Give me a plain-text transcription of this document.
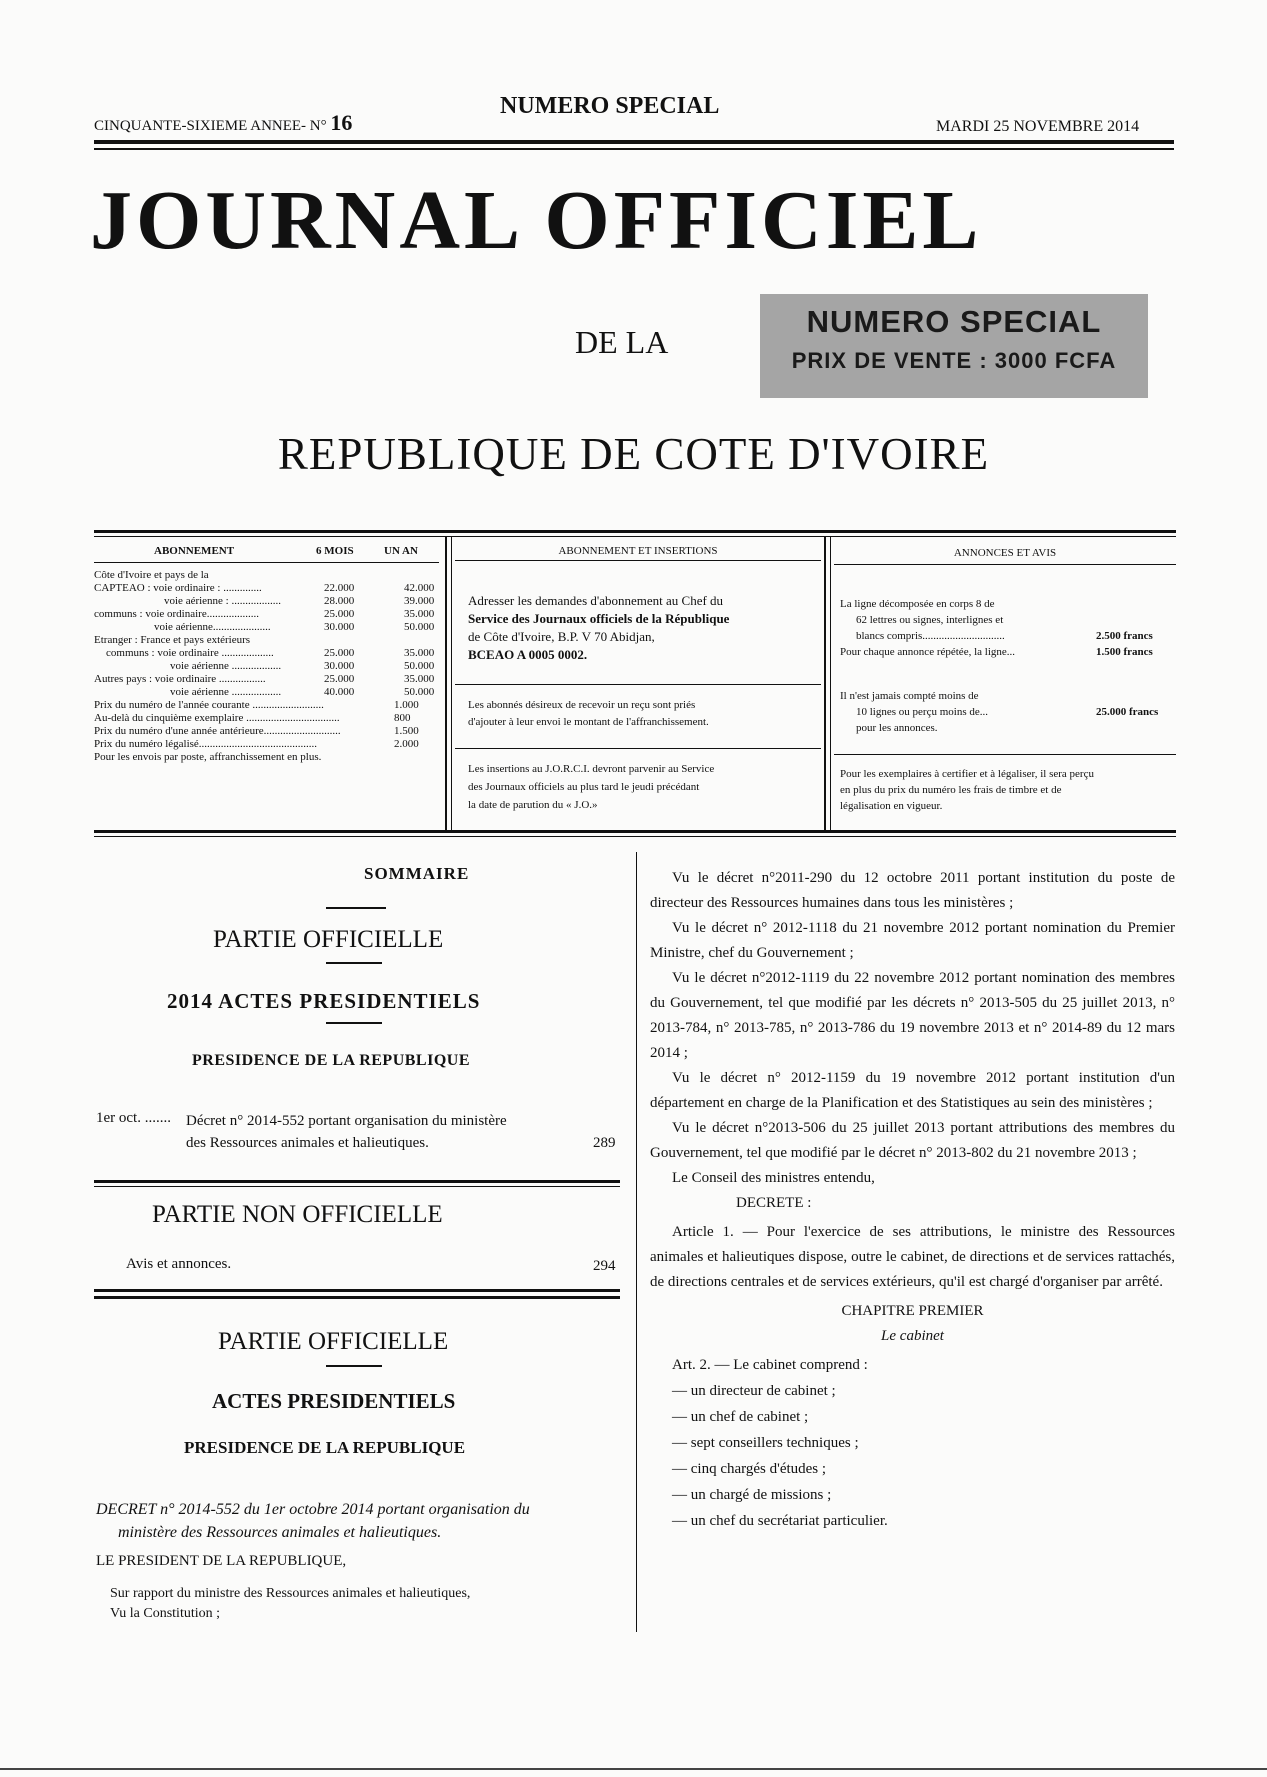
CINQUANTE-SIXIEME ANNEE- N° 16
NUMERO SPECIAL
MARDI 25 NOVEMBRE 2014
JOURNAL OFFICIEL
DE LA
NUMERO SPECIAL
PRIX DE VENTE : 3000 FCFA
REPUBLIQUE DE COTE D'IVOIRE
ABONNEMENT	6 MOIS	UN AN
Côte d'Ivoire et pays de la
CAPTEAO : voie ordinaire : ..............	22.000	42.000
voie aérienne : ..................	28.000	39.000
communs : voie ordinaire...................	25.000	35.000
voie aérienne.....................	30.000	50.000
Etranger : France et pays extérieurs
communs : voie ordinaire ...................	25.000	35.000
voie aérienne ..................	30.000	50.000
Autres pays : voie ordinaire .................	25.000	35.000
voie aérienne ..................	40.000	50.000
Prix du numéro de l'année courante ..........................	1.000
Au-delà du cinquième exemplaire ..................................	800
Prix du numéro d'une année antérieure............................	1.500
Prix du numéro légalisé...........................................	2.000
Pour les envois par poste, affranchissement en plus.
ABONNEMENT ET INSERTIONS
Adresser les demandes d'abonnement au Chef du
Service des Journaux officiels de la République
de Côte d'Ivoire, B.P. V 70 Abidjan,
BCEAO A 0005 0002.
Les abonnés désireux de recevoir un reçu sont priés
d'ajouter à leur envoi le montant de l'affranchissement.
Les insertions au J.O.R.C.I. devront parvenir au Service
des Journaux officiels au plus tard le jeudi précédant
la date de parution du « J.O.»
ANNONCES ET AVIS
La ligne décomposée en corps 8 de
62 lettres ou signes, interlignes et
blancs compris..............................	2.500 francs
Pour chaque annonce répétée, la ligne...	1.500 francs
Il n'est jamais compté moins de
10 lignes ou perçu moins de...	25.000 francs
pour les annonces.
Pour les exemplaires à certifier et à légaliser, il sera perçu
en plus du prix du numéro les frais de timbre et de
légalisation en vigueur.
SOMMAIRE
PARTIE OFFICIELLE
2014 ACTES PRESIDENTIELS
PRESIDENCE DE LA REPUBLIQUE
1er oct. ....... Décret n° 2014-552 portant organisation du ministère
des Ressources animales et halieutiques.	289
PARTIE NON OFFICIELLE
Avis et annonces.	294
PARTIE OFFICIELLE
ACTES PRESIDENTIELS
PRESIDENCE DE LA REPUBLIQUE
DECRET n° 2014-552 du 1er octobre 2014 portant organisation du
ministère des Ressources animales et halieutiques.
LE PRESIDENT DE LA REPUBLIQUE,
Sur rapport du ministre des Ressources animales et halieutiques,
Vu la Constitution ;
Vu le décret n°2011-290 du 12 octobre 2011 portant institution du poste de directeur des Ressources humaines dans tous les ministères ;
Vu le décret n° 2012-1118 du 21 novembre 2012 portant nomination du Premier Ministre, chef du Gouvernement ;
Vu le décret n°2012-1119 du 22 novembre 2012 portant nomination des membres du Gouvernement, tel que modifié par les décrets n° 2013-505 du 25 juillet 2013, n° 2013-784, n° 2013-785, n° 2013-786 du 19 novembre 2013 et n° 2014-89 du 12 mars 2014 ;
Vu le décret n° 2012-1159 du 19 novembre 2012 portant institution d'un département en charge de la Planification et des Statistiques au sein des ministères ;
Vu le décret n°2013-506 du 25 juillet 2013 portant attributions des membres du Gouvernement, tel que modifié par le décret n° 2013-802 du 21 novembre 2013 ;
Le Conseil des ministres entendu,
DECRETE :
Article 1. — Pour l'exercice de ses attributions, le ministre des Ressources animales et halieutiques dispose, outre le cabinet, de directions et de services rattachés, de directions centrales et de services extérieurs, qu'il est chargé d'organiser par arrêté.
CHAPITRE PREMIER
Le cabinet
Art. 2. — Le cabinet comprend :
— un directeur de cabinet ;
— un chef de cabinet ;
— sept conseillers techniques ;
— cinq chargés d'études ;
— un chargé de missions ;
— un chef du secrétariat particulier.
